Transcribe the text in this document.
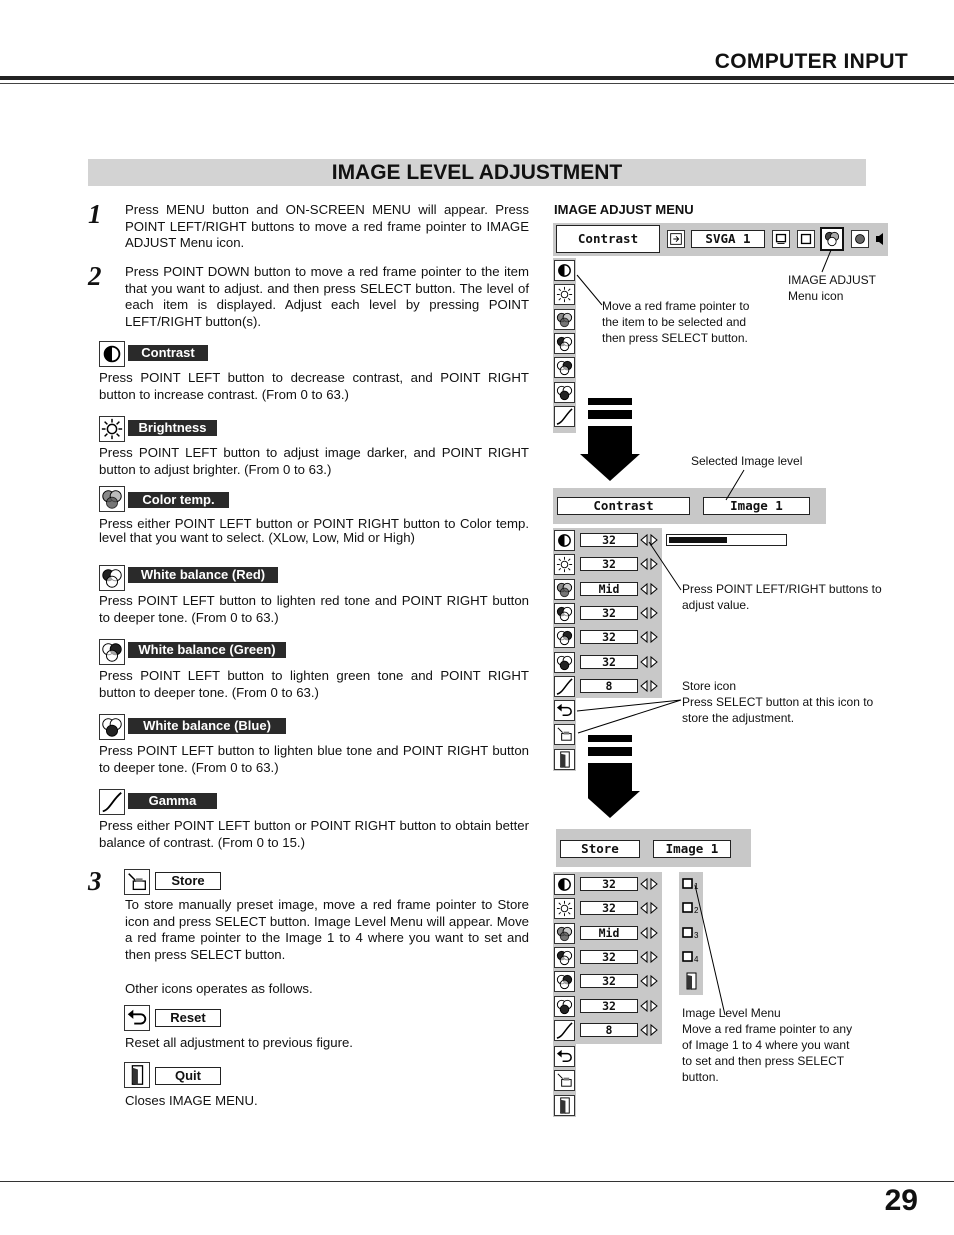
COMPUTER INPUT
IMAGE LEVEL ADJUSTMENT
1 Press MENU button and ON-SCREEN MENU will appear. Press POINT LEFT/RIGHT buttons to move a red frame pointer to IMAGE ADJUST Menu icon.
2 Press POINT DOWN button to move a red frame pointer to the item that you want to adjust. and then press SELECT button. The level of each item is displayed. Adjust each level by pressing POINT LEFT/RIGHT button(s).
Contrast
Press POINT LEFT button to decrease contrast, and POINT RIGHT button to increase contrast. (From 0 to 63.)
Brightness
Press POINT LEFT button to adjust image darker, and POINT RIGHT button to adjust brighter. (From 0 to 63.)
Color temp.
Press either POINT LEFT button or POINT RIGHT button to Color temp. level that you want to select. (XLow, Low, Mid or High)
White balance (Red)
Press POINT LEFT button to lighten red tone and POINT RIGHT button to deeper tone. (From 0 to 63.)
White balance (Green)
Press POINT LEFT button to lighten green tone and POINT RIGHT button to deeper tone. (From 0 to 63.)
White balance (Blue)
Press POINT LEFT button to lighten blue tone and POINT RIGHT button to deeper tone. (From 0 to 63.)
Gamma
Press either POINT LEFT button or POINT RIGHT button to obtain better balance of contrast. (From 0 to 15.)
3	Store
To store manually preset image, move a red frame pointer to Store icon and press SELECT button. Image Level Menu will appear. Move a red frame pointer to the Image 1 to 4 where you want to set and then press SELECT button.
Other icons operates as follows.
Reset
Reset all adjustment to previous figure.
Quit
Closes IMAGE MENU.
IMAGE ADJUST MENU
Contrast	SVGA 1
IMAGE ADJUST
Menu icon
Move a red frame pointer to the item to be selected and then press SELECT button.
Selected Image level
Contrast	Image 1
32
32
Mid
32
32
32
8
Press POINT LEFT/RIGHT buttons to adjust value.
Store icon
Press SELECT button at this icon to store the adjustment.
Store	Image 1
32
32
Mid
32
32
32
8
1
2
3
4
Image Level Menu
Move a red frame pointer to any of Image 1 to 4 where you want to set and then press SELECT button.
29
